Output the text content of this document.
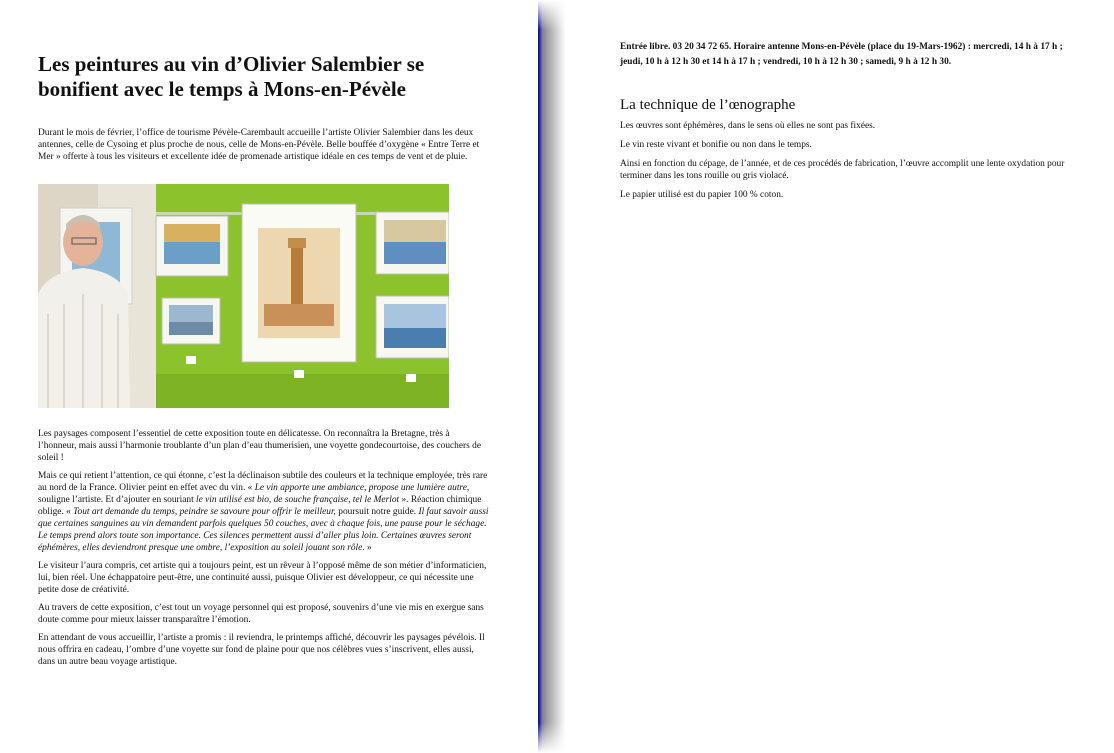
Les peintures au vin d’Olivier Salembier se bonifient avec le temps à Mons-en-Pévèle

Durant le mois de février, l’office de tourisme Pévèle-Carembault accueille l’artiste Olivier Salembier dans les deux antennes, celle de Cysoing et plus proche de nous, celle de Mons-en-Pévèle. Belle bouffée d’oxygène « Entre Terre et Mer » offerte à tous les visiteurs et excellente idée de promenade artistique idéale en ces temps de vent et de pluie.

Les paysages composent l’essentiel de cette exposition toute en délicatesse. On reconnaîtra la Bretagne, très à l’honneur, mais aussi l’harmonie troublante d’un plan d’eau thumerisien, une voyette gondecourtoise, des couchers de soleil !

Mais ce qui retient l’attention, ce qui étonne, c’est la déclinaison subtile des couleurs et la technique employée, très rare au nord de la France. Olivier peint en effet avec du vin. « Le vin apporte une ambiance, propose une lumière autre, souligne l’artiste. Et d’ajouter en souriant le vin utilisé est bio, de souche française, tel le Merlot ». Réaction chimique oblige. « Tout art demande du temps, peindre se savoure pour offrir le meilleur, poursuit notre guide. Il faut savoir aussi que certaines sanguines au vin demandent parfois quelques 50 couches, avec à chaque fois, une pause pour le séchage. Le temps prend alors toute son importance. Ces silences permettent aussi d’aller plus loin. Certaines œuvres seront éphémères, elles deviendront presque une ombre, l’exposition au soleil jouant son rôle. »

Le visiteur l’aura compris, cet artiste qui a toujours peint, est un rêveur à l’opposé même de son métier d’informaticien, lui, bien réel. Une échappatoire peut-être, une continuité aussi, puisque Olivier est développeur, ce qui nécessite une petite dose de créativité.

Au travers de cette exposition, c’est tout un voyage personnel qui est proposé, souvenirs d’une vie mis en exergue sans doute comme pour mieux laisser transparaître l’émotion.

En attendant de vous accueillir, l’artiste a promis : il reviendra, le printemps affiché, découvrir les paysages pévélois. Il nous offrira en cadeau, l’ombre d’une voyette sur fond de plaine pour que nos célèbres vues s’inscrivent, elles aussi, dans un autre beau voyage artistique.

Entrée libre. 03 20 34 72 65. Horaire antenne Mons-en-Pévèle (place du 19-Mars-1962) : mercredi, 14 h à 17 h ; jeudi, 10 h à 12 h 30 et 14 h à 17 h ; vendredi, 10 h à 12 h 30 ; samedi, 9 h à 12 h 30.

La technique de l’œnographe

Les œuvres sont éphémères, dans le sens où elles ne sont pas fixées.

Le vin reste vivant et bonifie ou non dans le temps.

Ainsi en fonction du cépage, de l’année, et de ces procédés de fabrication, l’œuvre accomplit une lente oxydation pour terminer dans les tons rouille ou gris violacé.

Le papier utilisé est du papier 100 % coton.
